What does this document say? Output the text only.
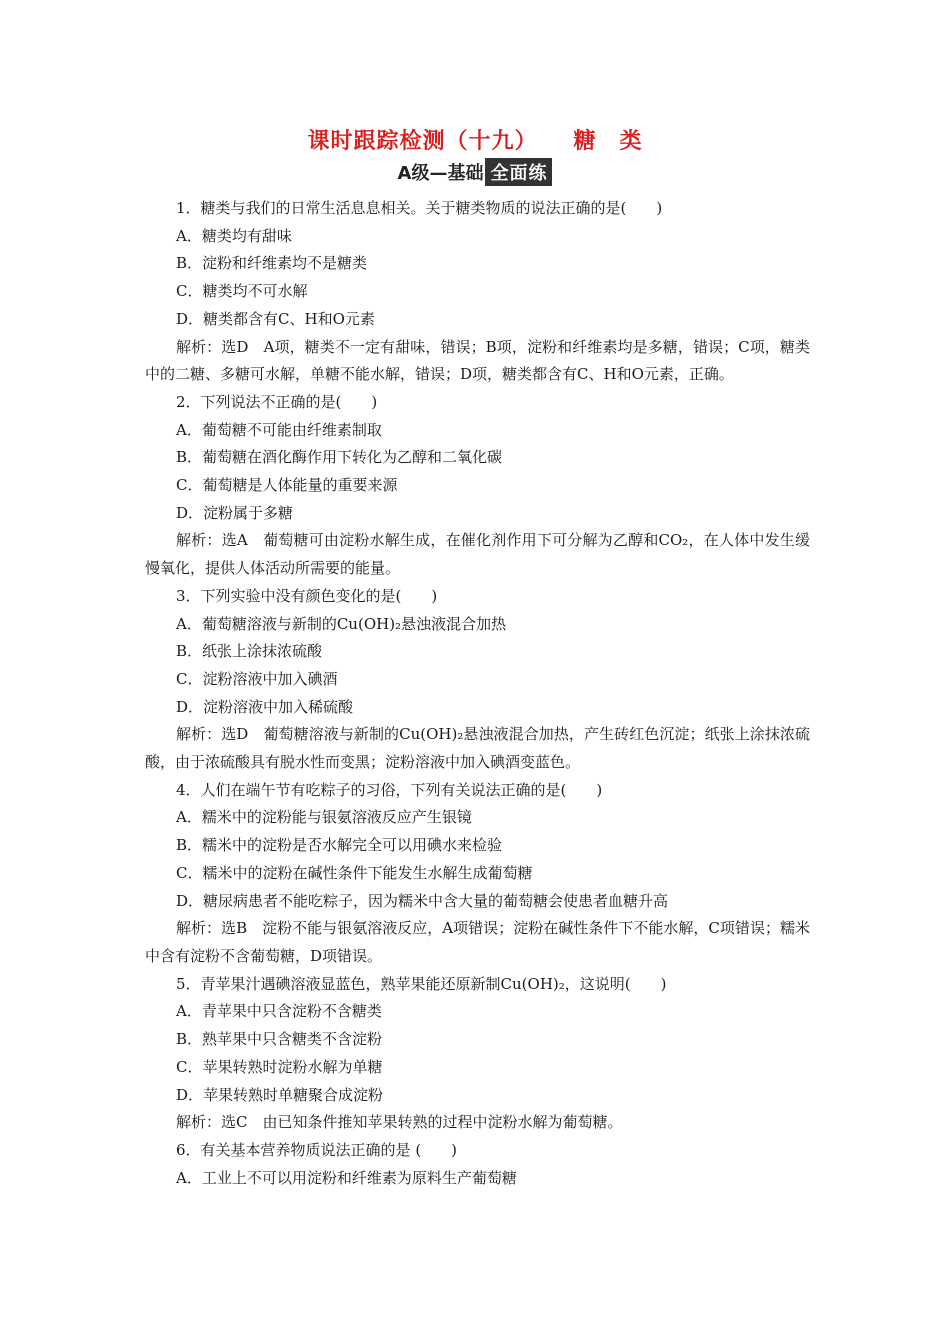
课时跟踪检测（十九） 糖　类
A级—基础 全面练
1．糖类与我们的日常生活息息相关。关于糖类物质的说法正确的是(　　)
A．糖类均有甜味
B．淀粉和纤维素均不是糖类
C．糖类均不可水解
D．糖类都含有C、H和O元素
解析：选D　A项，糖类不一定有甜味，错误；B项，淀粉和纤维素均是多糖，错误；C项，糖类中的二糖、多糖可水解，单糖不能水解，错误；D项，糖类都含有C、H和O元素，正确。
2．下列说法不正确的是(　　)
A．葡萄糖不可能由纤维素制取
B．葡萄糖在酒化酶作用下转化为乙醇和二氧化碳
C．葡萄糖是人体能量的重要来源
D．淀粉属于多糖
解析：选A　葡萄糖可由淀粉水解生成，在催化剂作用下可分解为乙醇和CO₂，在人体中发生缓慢氧化，提供人体活动所需要的能量。
3．下列实验中没有颜色变化的是(　　)
A．葡萄糖溶液与新制的Cu(OH)₂悬浊液混合加热
B．纸张上涂抹浓硫酸
C．淀粉溶液中加入碘酒
D．淀粉溶液中加入稀硫酸
解析：选D　葡萄糖溶液与新制的Cu(OH)₂悬浊液混合加热，产生砖红色沉淀；纸张上涂抹浓硫酸，由于浓硫酸具有脱水性而变黑；淀粉溶液中加入碘酒变蓝色。
4．人们在端午节有吃粽子的习俗，下列有关说法正确的是(　　)
A．糯米中的淀粉能与银氨溶液反应产生银镜
B．糯米中的淀粉是否水解完全可以用碘水来检验
C．糯米中的淀粉在碱性条件下能发生水解生成葡萄糖
D．糖尿病患者不能吃粽子，因为糯米中含大量的葡萄糖会使患者血糖升高
解析：选B　淀粉不能与银氨溶液反应，A项错误；淀粉在碱性条件下不能水解，C项错误；糯米中含有淀粉不含葡萄糖，D项错误。
5．青苹果汁遇碘溶液显蓝色，熟苹果能还原新制Cu(OH)₂，这说明(　　)
A．青苹果中只含淀粉不含糖类
B．熟苹果中只含糖类不含淀粉
C．苹果转熟时淀粉水解为单糖
D．苹果转熟时单糖聚合成淀粉
解析：选C　由已知条件推知苹果转熟的过程中淀粉水解为葡萄糖。
6．有关基本营养物质说法正确的是 (　　)
A．工业上不可以用淀粉和纤维素为原料生产葡萄糖
